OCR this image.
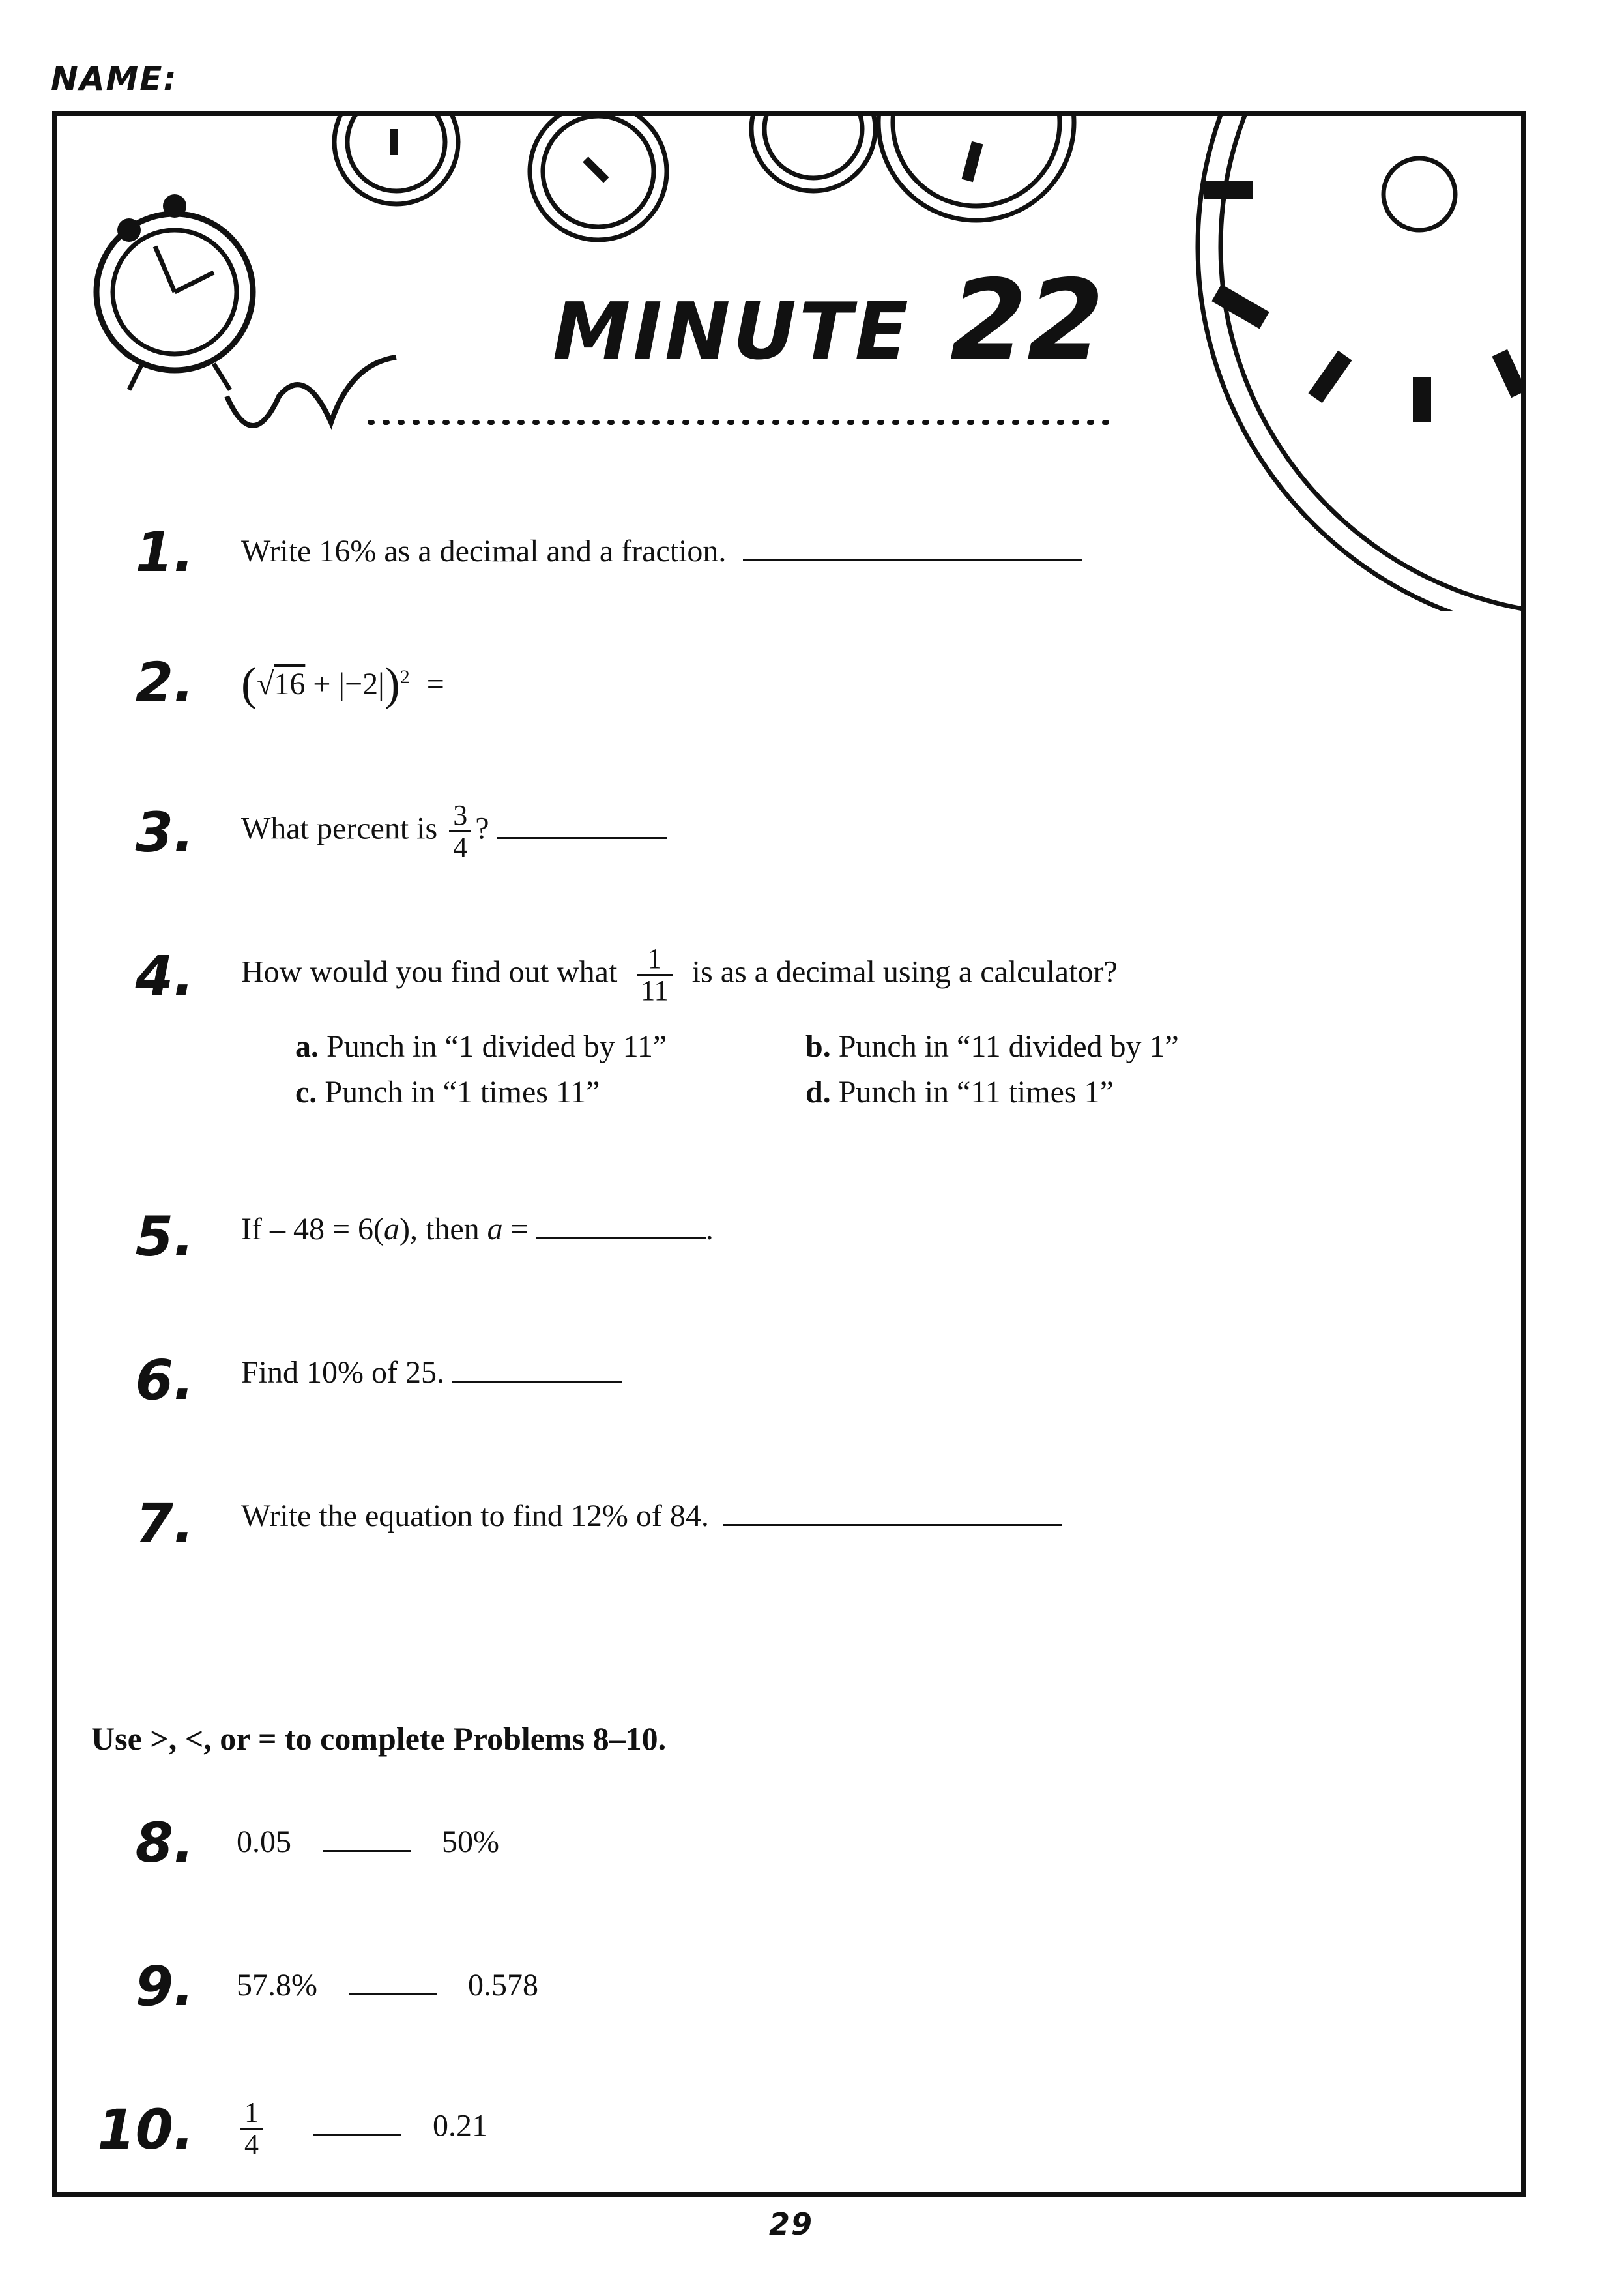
NAME:
MINUTE 22
1. Write 16% as a decimal and a fraction.
2. $(√16 + |-2|)^2$ =
3. What percent is $\frac{3}{4}$ ?
4. How would you find out what $\frac{1}{11}$ is as a decimal using a calculator?
a. Punch in “1 divided by 11”	b. Punch in “11 divided by 1”
c. Punch in “1 times 11”	d. Punch in “11 times 1”
5. If – 48 = 6(a), then a =	.
6. Find 10% of 25.
7. Write the equation to find 12% of 84.
Use >, <, or = to complete Problems 8–10.
8. 0.05	50%
9. 57.8%	0.578
10. $\frac{1}{4}$	0.21
29
